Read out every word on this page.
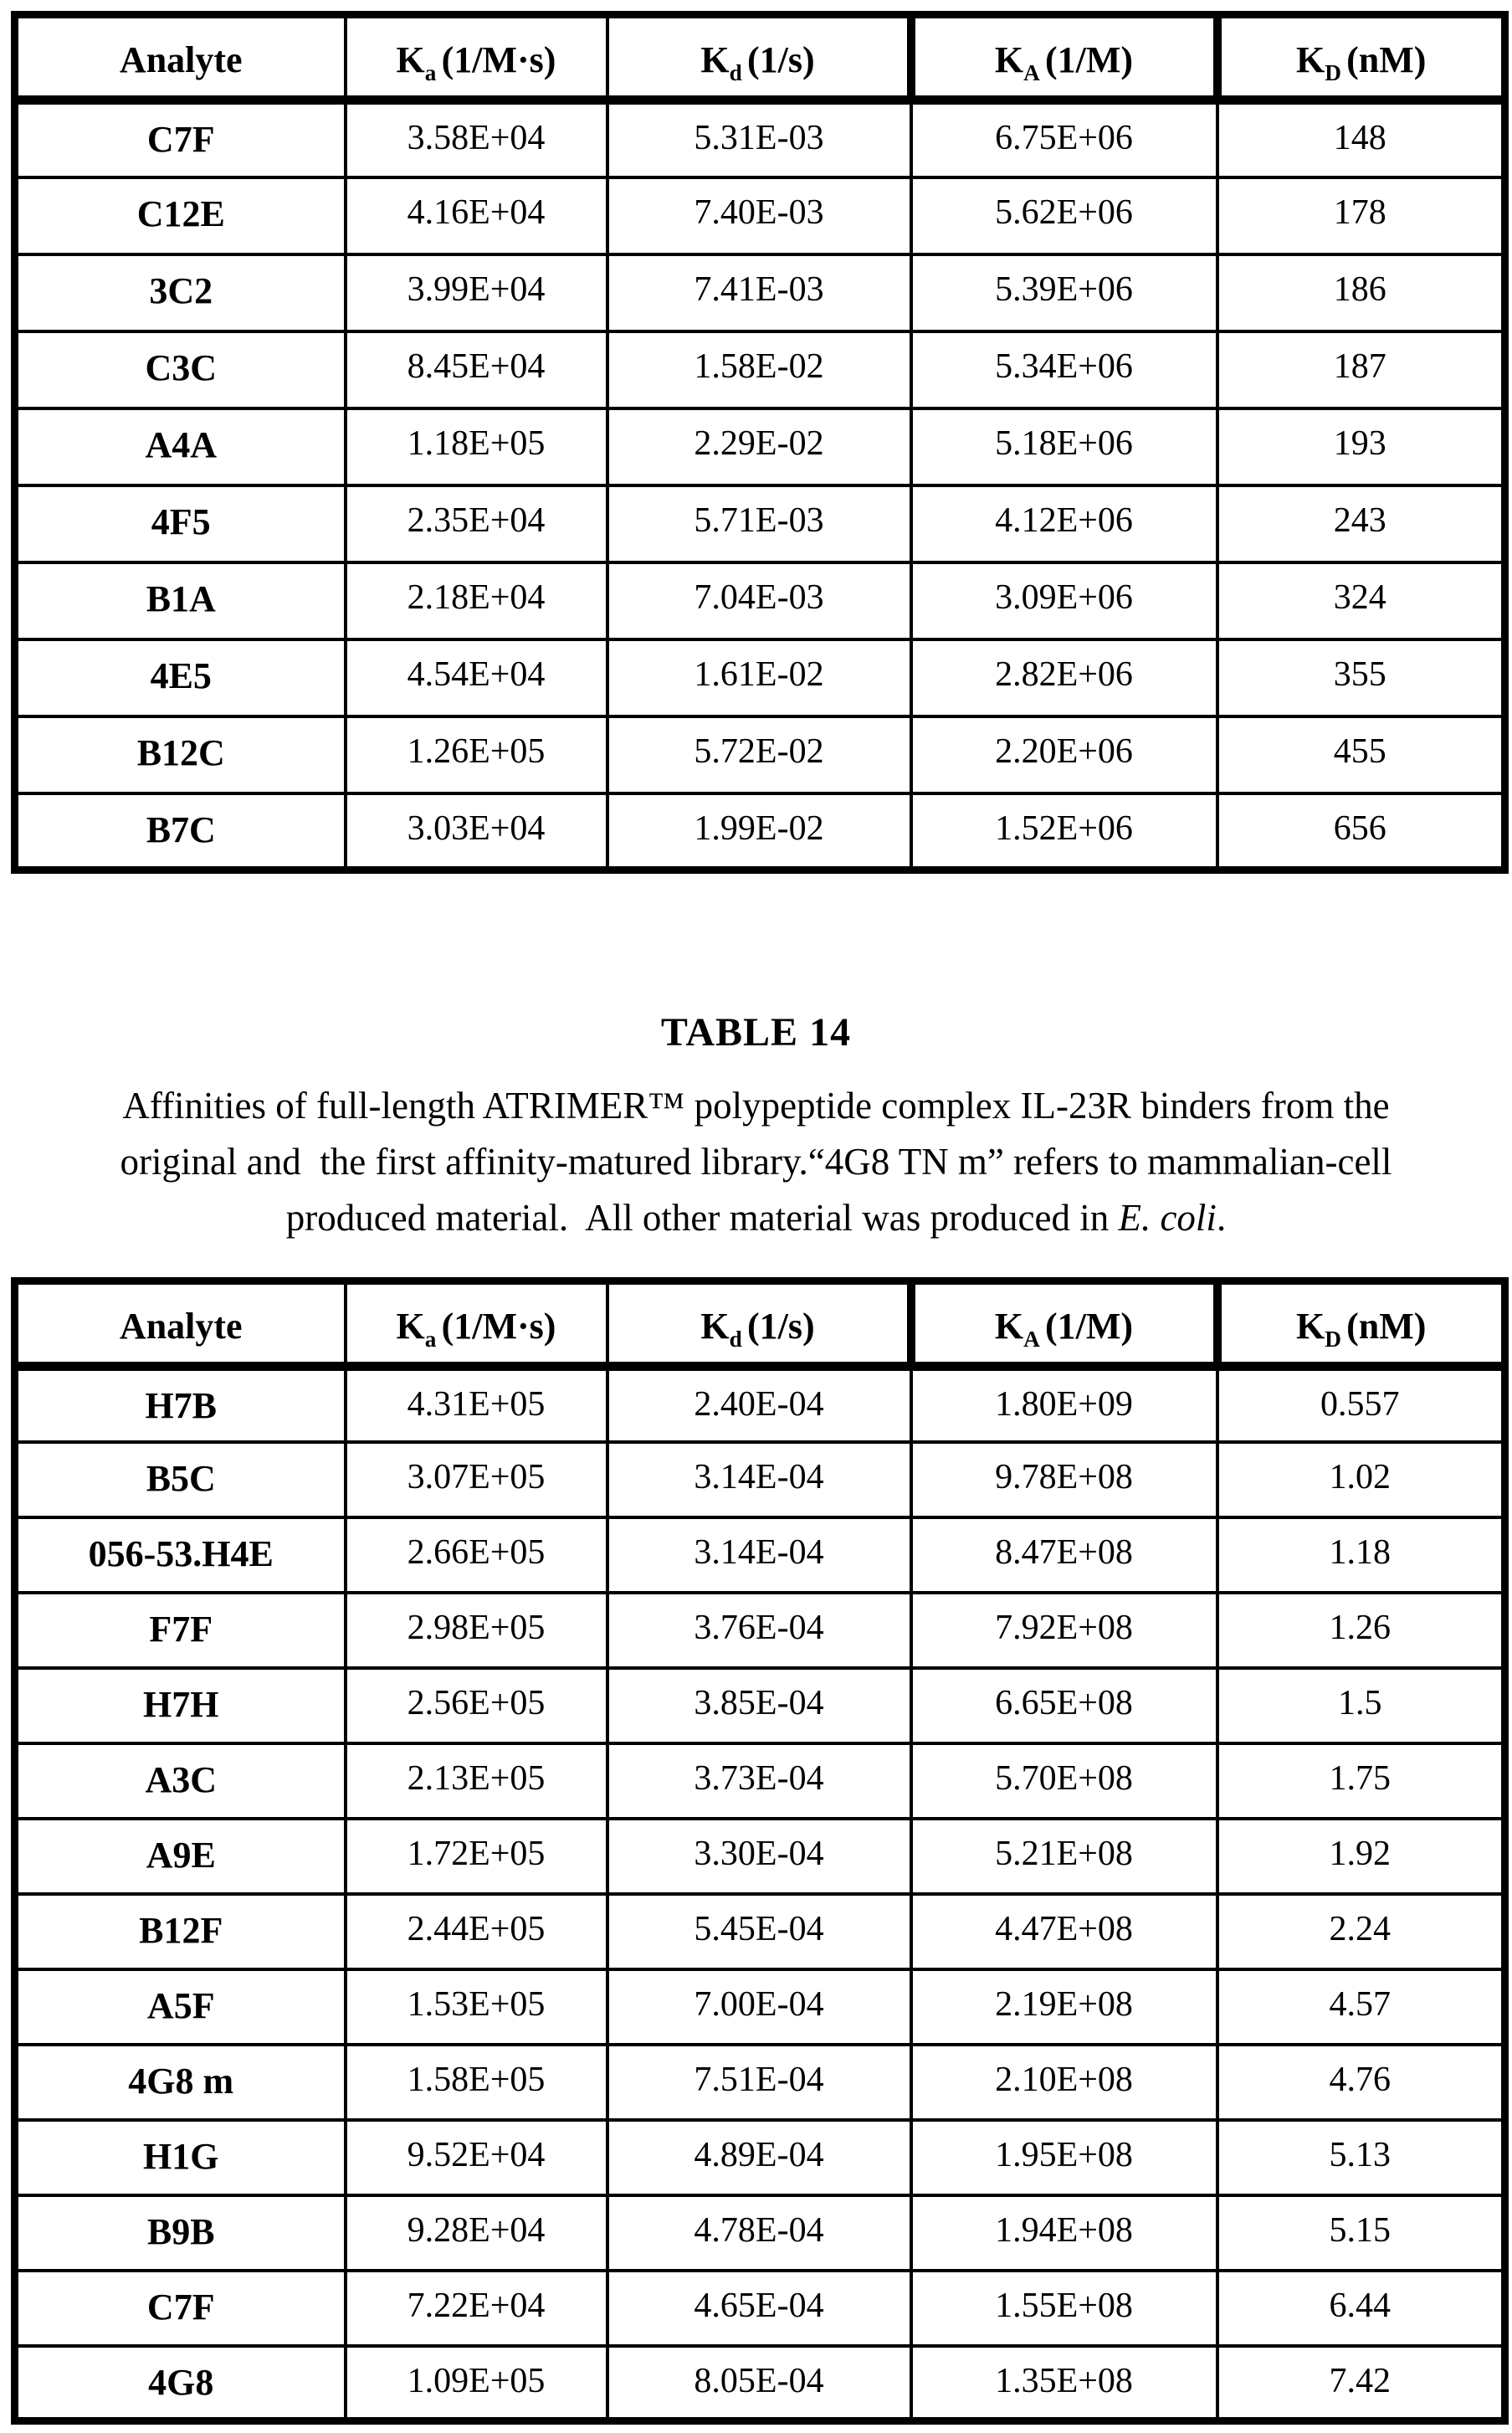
Analyte	$K_a$ (1/M·s)	$K_d$ (1/s)	$K_A$ (1/M)	$K_D$ (nM)
C7F	3.58E+04	5.31E-03	6.75E+06	148
C12E	4.16E+04	7.40E-03	5.62E+06	178
3C2	3.99E+04	7.41E-03	5.39E+06	186
C3C	8.45E+04	1.58E-02	5.34E+06	187
A4A	1.18E+05	2.29E-02	5.18E+06	193
4F5	2.35E+04	5.71E-03	4.12E+06	243
B1A	2.18E+04	7.04E-03	3.09E+06	324
4E5	4.54E+04	1.61E-02	2.82E+06	355
B12C	1.26E+05	5.72E-02	2.20E+06	455
B7C	3.03E+04	1.99E-02	1.52E+06	656
TABLE 14
Affinities of full-length ATRIMER™ polypeptide complex IL-23R binders from the
original and  the first affinity-matured library.“4G8 TN m” refers to mammalian-cell
produced material.  All other material was produced in E. coli.
Analyte	$K_a$ (1/M·s)	$K_d$ (1/s)	$K_A$ (1/M)	$K_D$ (nM)
H7B	4.31E+05	2.40E-04	1.80E+09	0.557
B5C	3.07E+05	3.14E-04	9.78E+08	1.02
056-53.H4E	2.66E+05	3.14E-04	8.47E+08	1.18
F7F	2.98E+05	3.76E-04	7.92E+08	1.26
H7H	2.56E+05	3.85E-04	6.65E+08	1.5
A3C	2.13E+05	3.73E-04	5.70E+08	1.75
A9E	1.72E+05	3.30E-04	5.21E+08	1.92
B12F	2.44E+05	5.45E-04	4.47E+08	2.24
A5F	1.53E+05	7.00E-04	2.19E+08	4.57
4G8 m	1.58E+05	7.51E-04	2.10E+08	4.76
H1G	9.52E+04	4.89E-04	1.95E+08	5.13
B9B	9.28E+04	4.78E-04	1.94E+08	5.15
C7F	7.22E+04	4.65E-04	1.55E+08	6.44
4G8	1.09E+05	8.05E-04	1.35E+08	7.42
